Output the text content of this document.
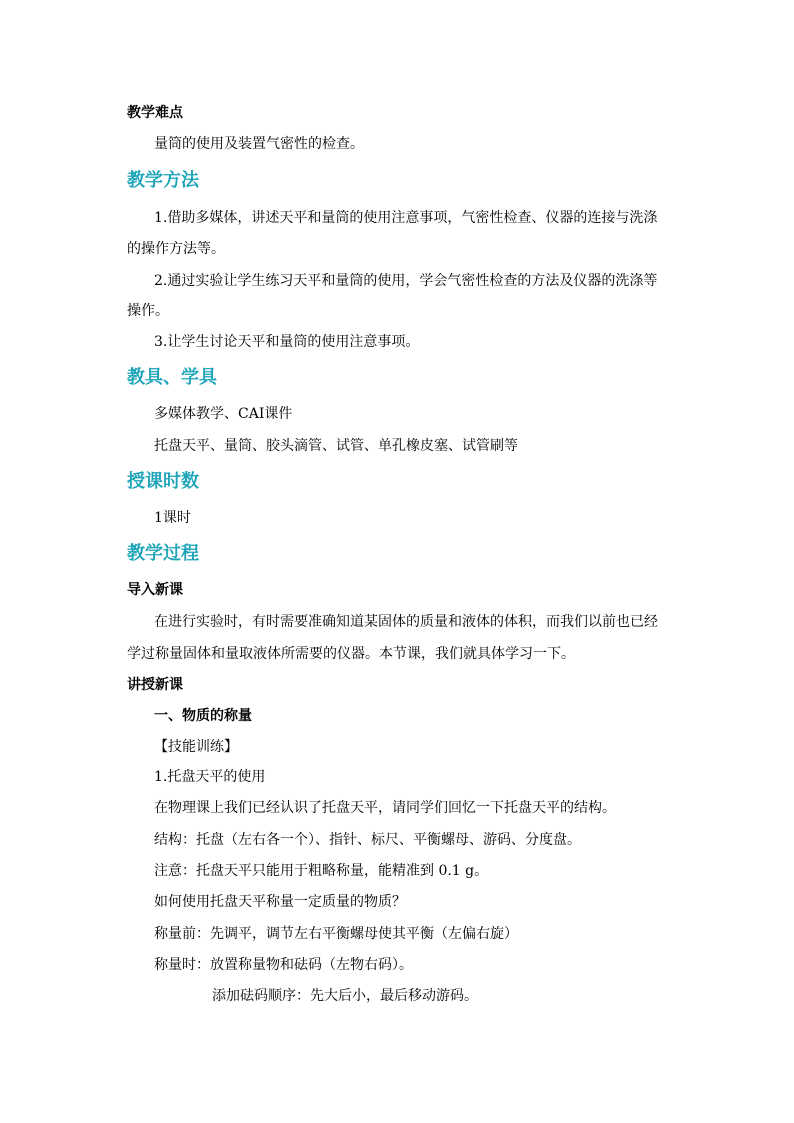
教学难点
量筒的使用及装置气密性的检查。
教学方法
1.借助多媒体，讲述天平和量筒的使用注意事项，气密性检查、仪器的连接与洗涤
的操作方法等。
2.通过实验让学生练习天平和量筒的使用，学会气密性检查的方法及仪器的洗涤等
操作。
3.让学生讨论天平和量筒的使用注意事项。
教具、学具
多媒体教学、CAI课件
托盘天平、量筒、胶头滴管、试管、单孔橡皮塞、试管刷等
授课时数
1课时
教学过程
导入新课
在进行实验时，有时需要准确知道某固体的质量和液体的体积，而我们以前也已经
学过称量固体和量取液体所需要的仪器。本节课，我们就具体学习一下。
讲授新课
一、物质的称量
【技能训练】
1.托盘天平的使用
在物理课上我们已经认识了托盘天平，请同学们回忆一下托盘天平的结构。
结构：托盘（左右各一个）、指针、标尺、平衡螺母、游码、分度盘。
注意：托盘天平只能用于粗略称量，能精准到 0.1 g。
如何使用托盘天平称量一定质量的物质？
称量前：先调平，调节左右平衡螺母使其平衡（左偏右旋）
称量时：放置称量物和砝码（左物右码）。
添加砝码顺序：先大后小，最后移动游码。
